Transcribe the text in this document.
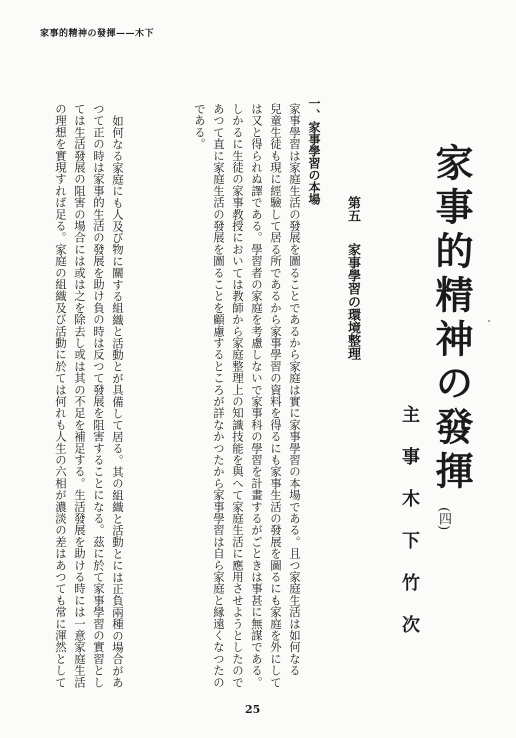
家事的精神の發揮——木下
家事的精神の發揮
(四)
主事木下竹次
第五
家事學習の環境整理
一、家事學習の本場
家事學習は家庭生活の發展を圖ることであるから家庭は實に家事學習の本場である。且つ家庭生活は如何なる
兒童生徒も現に經驗して居る所であるから家事學習の資料を得るにも家事生活の發展を圖るにも家庭を外にして
は又と得られぬ譯である。學習者の家庭を考慮しないで家事科の學習を計畫するがごときは事甚に無謀である。
しかるに生徒の家事教授においては教師から家庭整理上の知識技能を與へて家庭生活に應用させようとしたので
あつて直に家庭生活の發展を圖ることを顧慮するところが詳なかつたから家事學習は自ら家庭と縁遠くなつたの
である。
如何なる家庭にも人及び物に關する組織と活動とが具備して居る。其の組織と活動とには正負兩種の場合があ
つて正の時は家事的生活の發展を助け負の時は反つて發展を阻害することになる。茲に於て家事學習の實習とし
ては生活發展の阻害の場合には或は之を除去し或は其の不足を補足する。生活發展を助ける時には一意家庭生活
の理想を實現すれば足る。家庭の組織及び活動に於ては何れも人生の六相が濃淡の差はあつても常に渾然として
25
